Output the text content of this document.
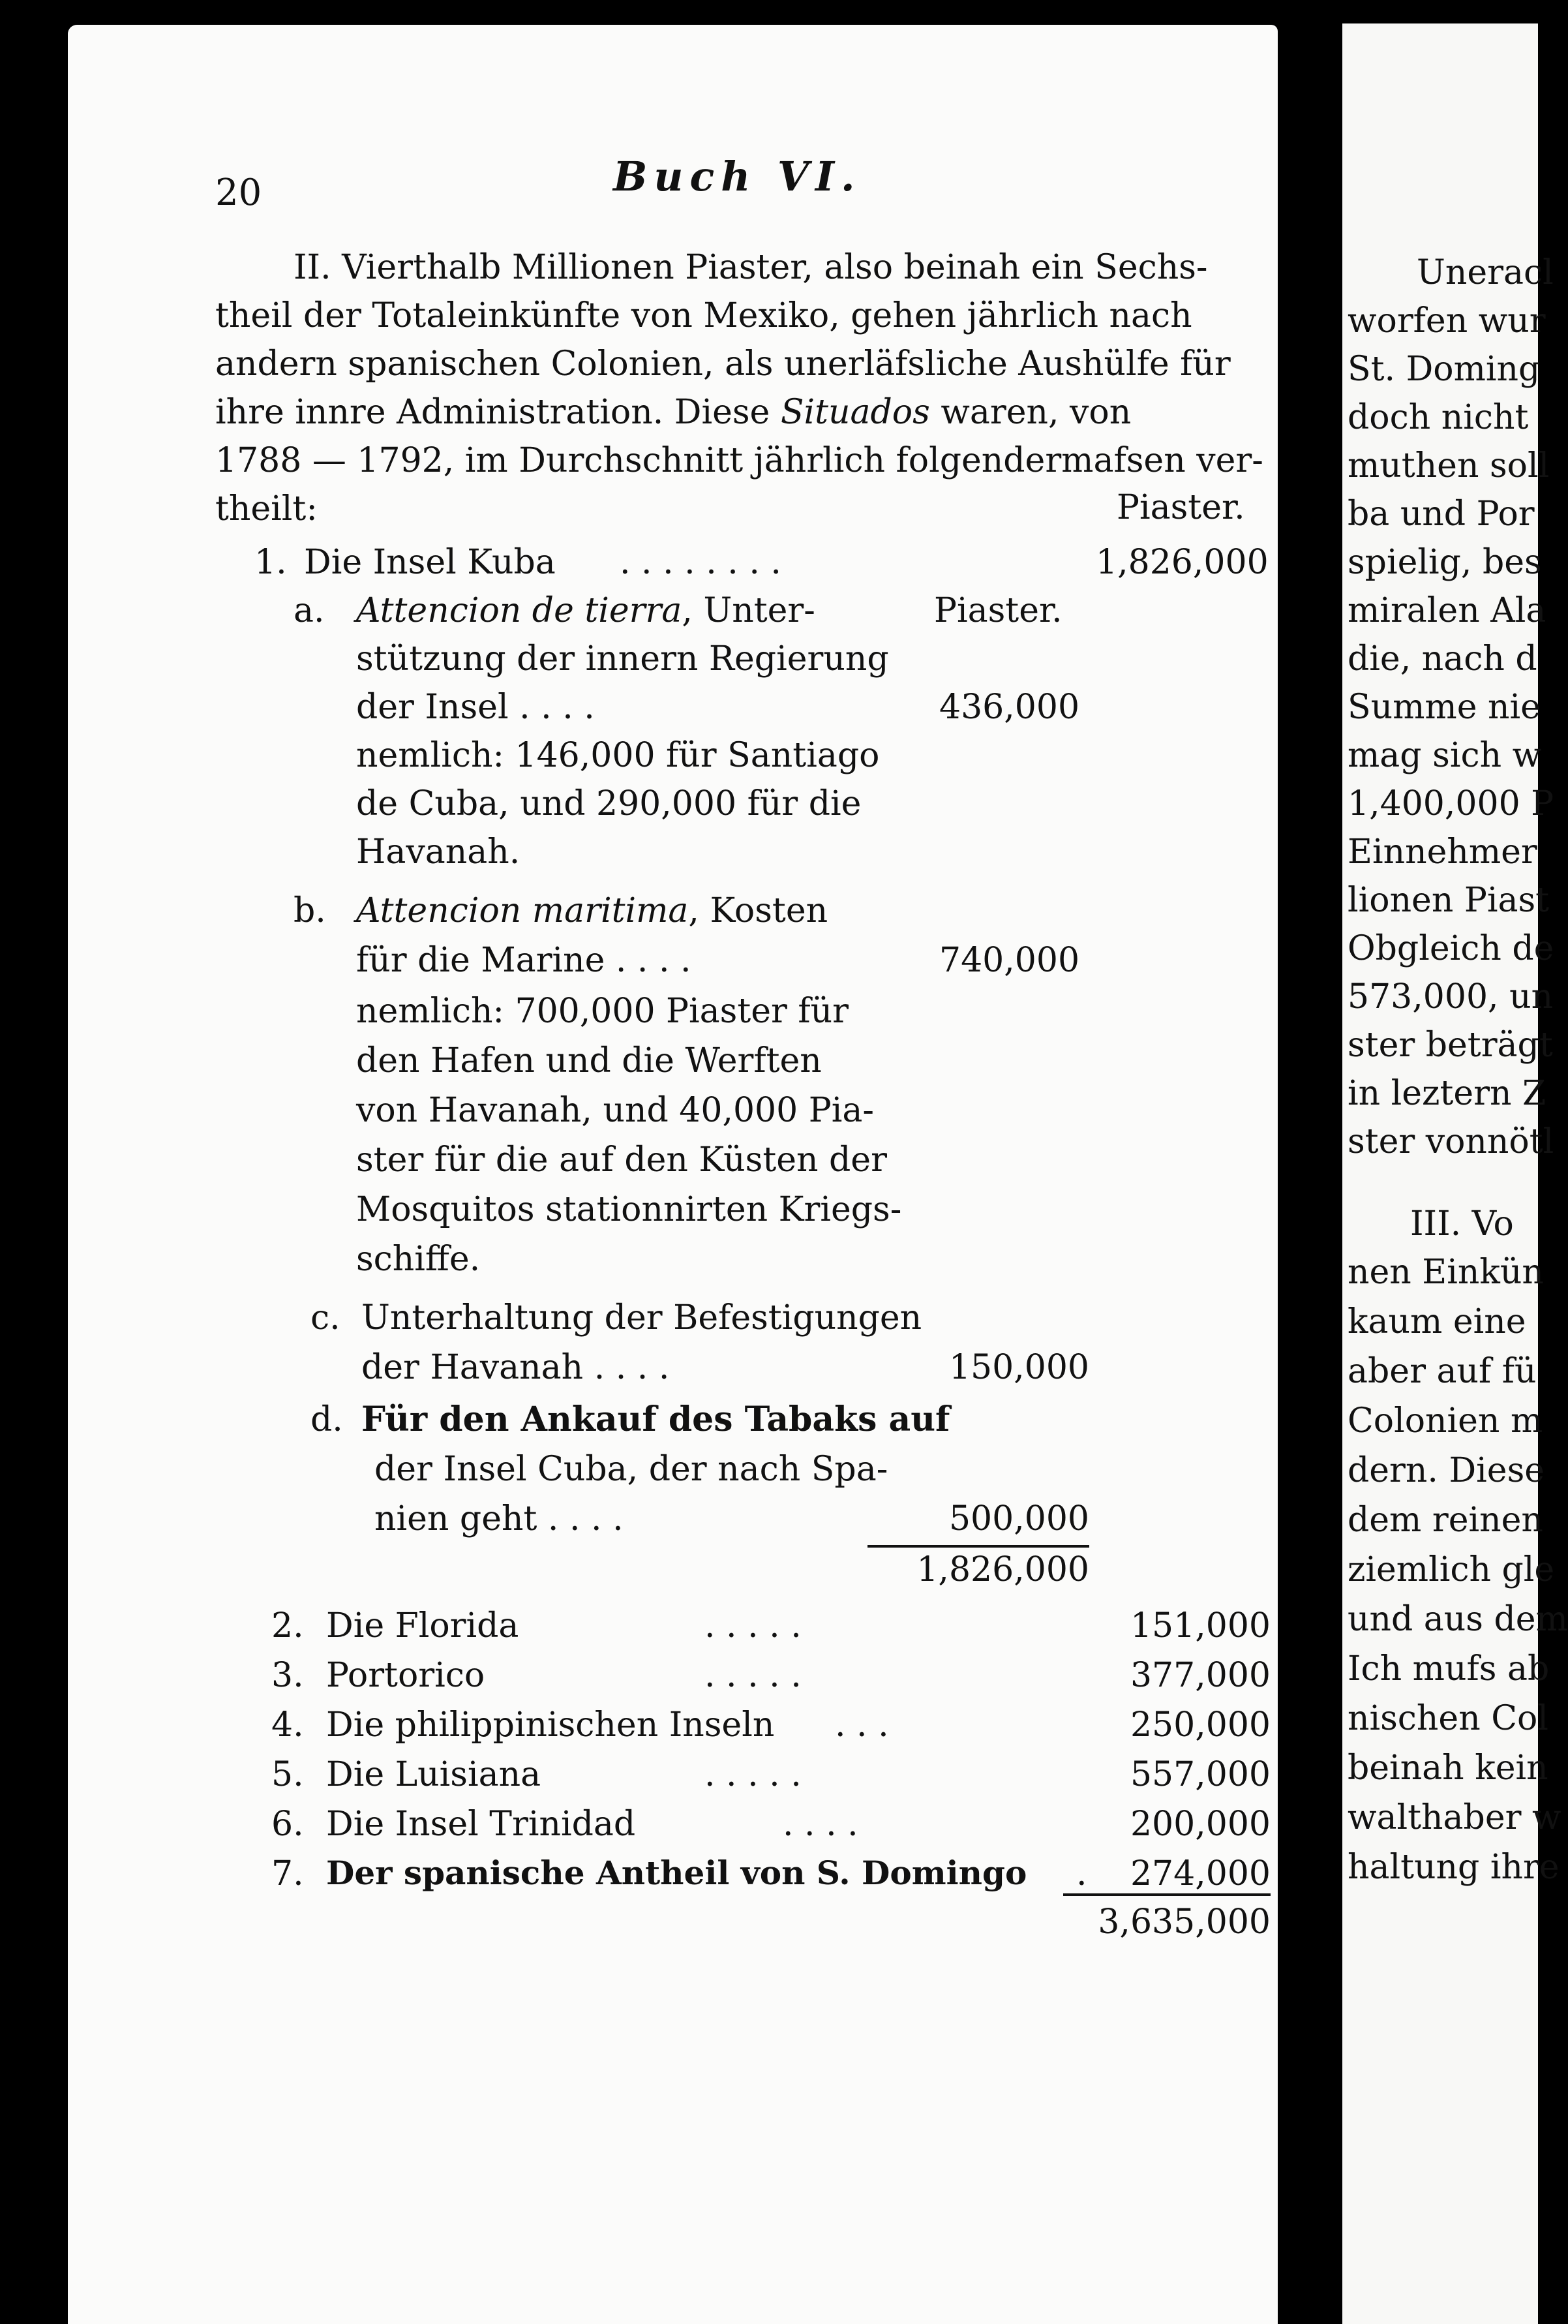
20	Buch VI.
II. Vierthalb Millionen Piaster, also beinah ein Sechs-
theil der Totaleinkünfte von Mexiko, gehen jährlich nach
andern spanischen Colonien, als unerläfsliche Aushülfe für
ihre innre Administration. Diese Situados waren, von
1788 — 1792, im Durchschnitt jährlich folgendermafsen ver-
theilt:	Piaster.
1. Die Insel Kuba . . . . . . . .	1,826,000
a. Attencion de tierra, Unter-	Piaster.
stützung der innern Regierung
der Insel . . . .	436,000
nemlich: 146,000 für Santiago
de Cuba, und 290,000 für die
Havanah.
b. Attencion maritima, Kosten
für die Marine . . . .	740,000
nemlich: 700,000 Piaster für
den Hafen und die Werften
von Havanah, und 40,000 Pia-
ster für die auf den Küsten der
Mosquitos stationnirten Kriegs-
schiffe.
c. Unterhaltung der Befestigungen
der Havanah . . . .	150,000
d. Für den Ankauf des Tabaks auf
der Insel Cuba, der nach Spa-
nien geht . . . .	500,000
1,826,000
2. Die Florida	. . . . .	151,000
3. Portorico	. . . . .	377,000
4. Die philippinischen Inseln . . .	250,000
5. Die Luisiana	. . . . .	557,000
6. Die Insel Trinidad	. . . .	200,000
7. Der spanische Antheil von S. Domingo .	274,000
3,635,000
Uneracl
worfen wur
St. Doming
doch nicht
muthen soll
ba und Por
spielig, bes
miralen Ala
die, nach d
Summe nie
mag sich w
1,400,000 P
Einnehmer
lionen Piast
Obgleich de
573,000, un
ster beträgt
in leztern Z
ster vonnötl
III. Vo
nen Einkün
kaum eine
aber auf fü
Colonien m
dern. Diese
dem reinen
ziemlich gle
und aus dem
Ich mufs ab
nischen Col
beinah kein
walthaber w
haltung ihre
